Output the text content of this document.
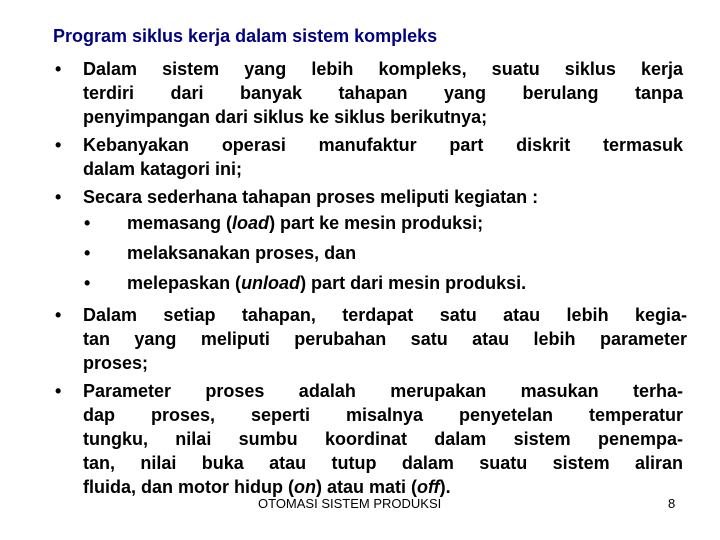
Program siklus kerja dalam sistem kompleks
• Dalam sistem yang lebih kompleks, suatu siklus kerja
terdiri dari banyak tahapan yang berulang tanpa
penyimpangan dari siklus ke siklus berikutnya;
• Kebanyakan operasi manufaktur part diskrit termasuk
dalam katagori ini;
• Secara sederhana tahapan proses meliputi kegiatan :
• memasang (load) part ke mesin produksi;
• melaksanakan proses, dan
• melepaskan (unload) part dari mesin produksi.
• Dalam setiap tahapan, terdapat satu atau lebih kegia-
tan yang meliputi perubahan satu atau lebih parameter
proses;
• Parameter proses adalah merupakan masukan terha-
dap proses, seperti misalnya penyetelan temperatur
tungku, nilai sumbu koordinat dalam sistem penempa-
tan, nilai buka atau tutup dalam suatu sistem aliran
fluida, dan motor hidup (on) atau mati (off).
OTOMASI SISTEM PRODUKSI	8
